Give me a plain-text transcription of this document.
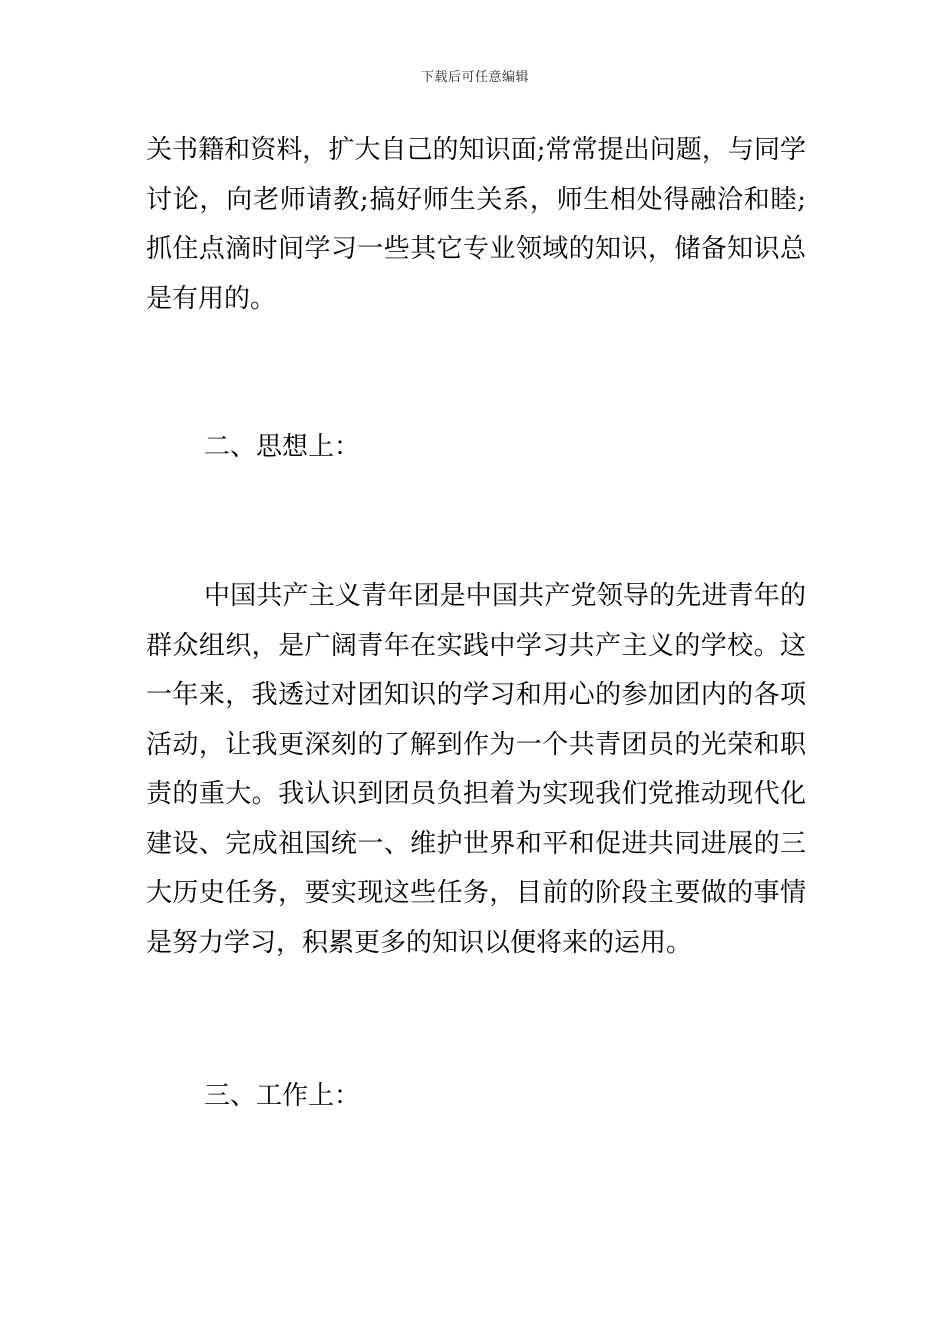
下载后可任意编辑

关书籍和资料，扩大自己的知识面;常常提出问题，与同学讨论，向老师请教;搞好师生关系，师生相处得融洽和睦;抓住点滴时间学习一些其它专业领域的知识，储备知识总是有用的。

二、思想上：

中国共产主义青年团是中国共产党领导的先进青年的群众组织，是广阔青年在实践中学习共产主义的学校。这一年来，我透过对团知识的学习和用心的参加团内的各项活动，让我更深刻的了解到作为一个共青团员的光荣和职责的重大。我认识到团员负担着为实现我们党推动现代化建设、完成祖国统一、维护世界和平和促进共同进展的三大历史任务，要实现这些任务，目前的阶段主要做的事情是努力学习，积累更多的知识以便将来的运用。

三、工作上：
